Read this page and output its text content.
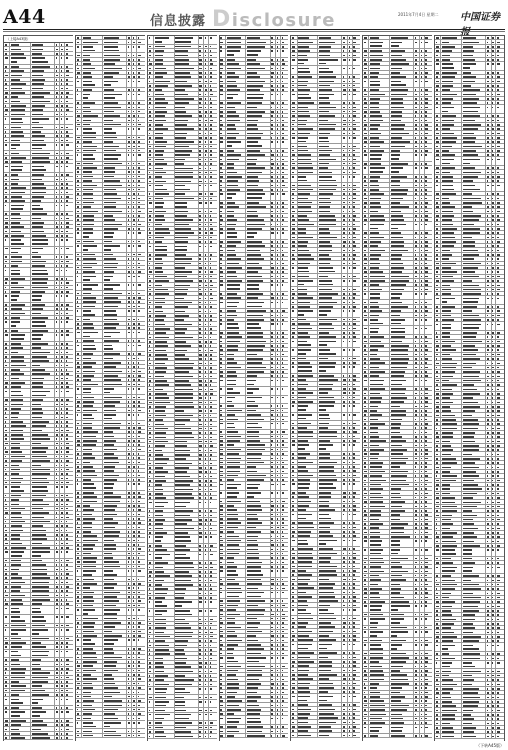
A44	信息披露 Disclosure	2011年7月4日 星期二 中国证券报
（上接A43版）
（下转A45版）
